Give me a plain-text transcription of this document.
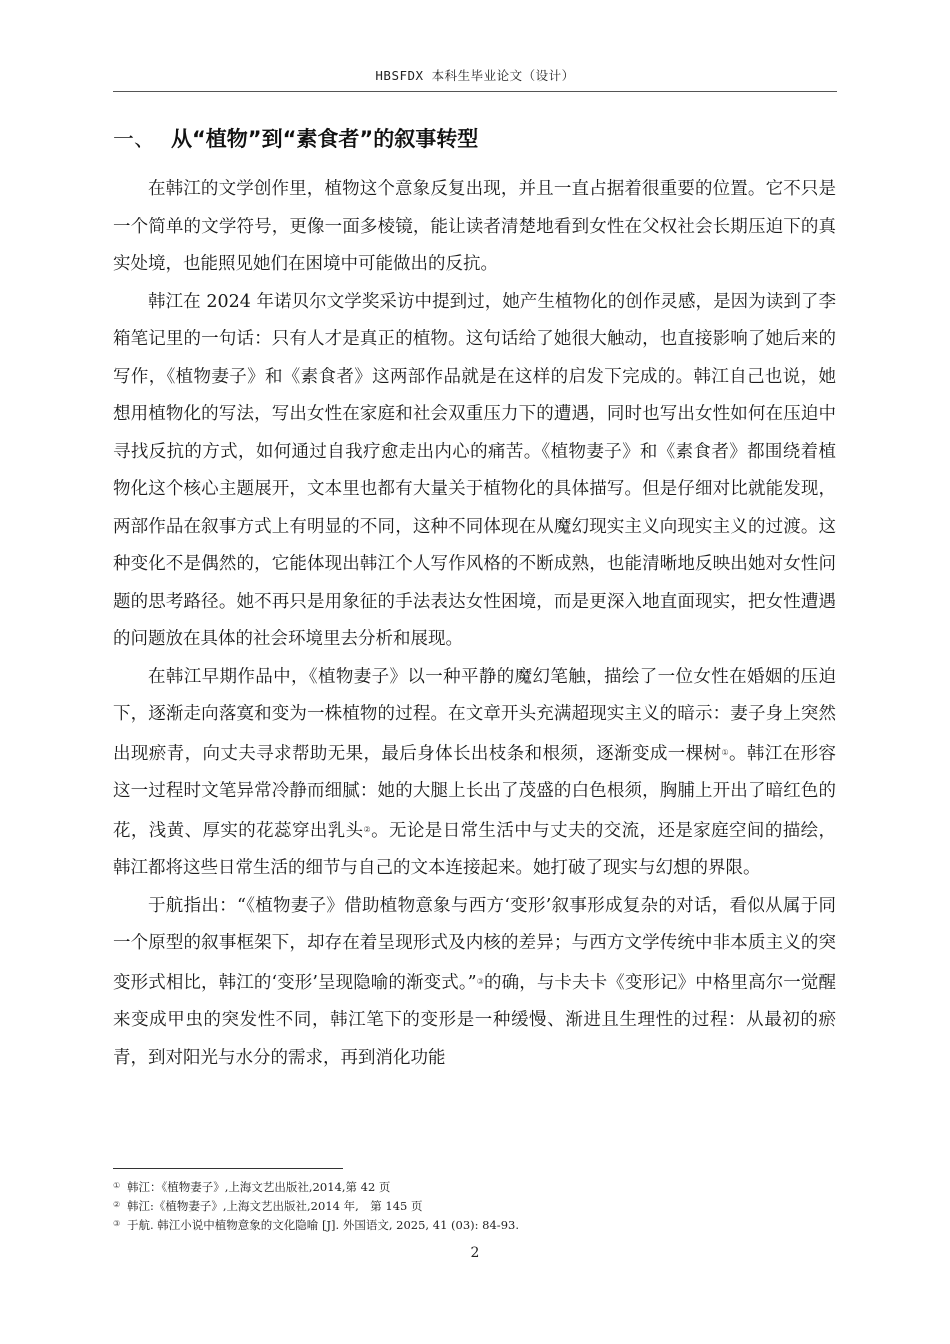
HBSFDX 本科生毕业论文（设计）
一、 从“植物”到“素食者”的叙事转型

在韩江的文学创作里，植物这个意象反复出现，并且一直占据着很重要的位置。它不只是一个简单的文学符号，更像一面多棱镜，能让读者清楚地看到女性在父权社会长期压迫下的真实处境，也能照见她们在困境中可能做出的反抗。

韩江在 2024 年诺贝尔文学奖采访中提到过，她产生植物化的创作灵感，是因为读到了李箱笔记里的一句话：只有人才是真正的植物。这句话给了她很大触动，也直接影响了她后来的写作，《植物妻子》和《素食者》这两部作品就是在这样的启发下完成的。韩江自己也说，她想用植物化的写法，写出女性在家庭和社会双重压力下的遭遇，同时也写出女性如何在压迫中寻找反抗的方式，如何通过自我疗愈走出内心的痛苦。《植物妻子》和《素食者》都围绕着植物化这个核心主题展开，文本里也都有大量关于植物化的具体描写。但是仔细对比就能发现，两部作品在叙事方式上有明显的不同，这种不同体现在从魔幻现实主义向现实主义的过渡。这种变化不是偶然的，它能体现出韩江个人写作风格的不断成熟，也能清晰地反映出她对女性问题的思考路径。她不再只是用象征的手法表达女性困境，而是更深入地直面现实，把女性遭遇的问题放在具体的社会环境里去分析和展现。

在韩江早期作品中，《植物妻子》以一种平静的魔幻笔触，描绘了一位女性在婚姻的压迫下，逐渐走向落寞和变为一株植物的过程。在文章开头充满超现实主义的暗示：妻子身上突然出现瘀青，向丈夫寻求帮助无果，最后身体长出枝条和根须，逐渐变成一棵树①。韩江在形容这一过程时文笔异常冷静而细腻：她的大腿上长出了茂盛的白色根须，胸脯上开出了暗红色的花，浅黄、厚实的花蕊穿出乳头②。无论是日常生活中与丈夫的交流，还是家庭空间的描绘，韩江都将这些日常生活的细节与自己的文本连接起来。她打破了现实与幻想的界限。

于航指出：“《植物妻子》借助植物意象与西方‘变形’叙事形成复杂的对话，看似从属于同一个原型的叙事框架下，却存在着呈现形式及内核的差异；与西方文学传统中非本质主义的突变形式相比，韩江的‘变形’呈现隐喻的渐变式。”③的确，与卡夫卡《变形记》中格里高尔一觉醒来变成甲虫的突发性不同，韩江笔下的变形是一种缓慢、渐进且生理性的过程：从最初的瘀青，到对阳光与水分的需求，再到消化功能

① 韩江：《植物妻子》,上海文艺出版社,2014,第 42 页
② 韩江:《植物妻子》,上海文艺出版社,2014 年,　第 145 页
③ 于航. 韩江小说中植物意象的文化隐喻 [J]. 外国语文, 2025, 41 (03): 84-93.
2
